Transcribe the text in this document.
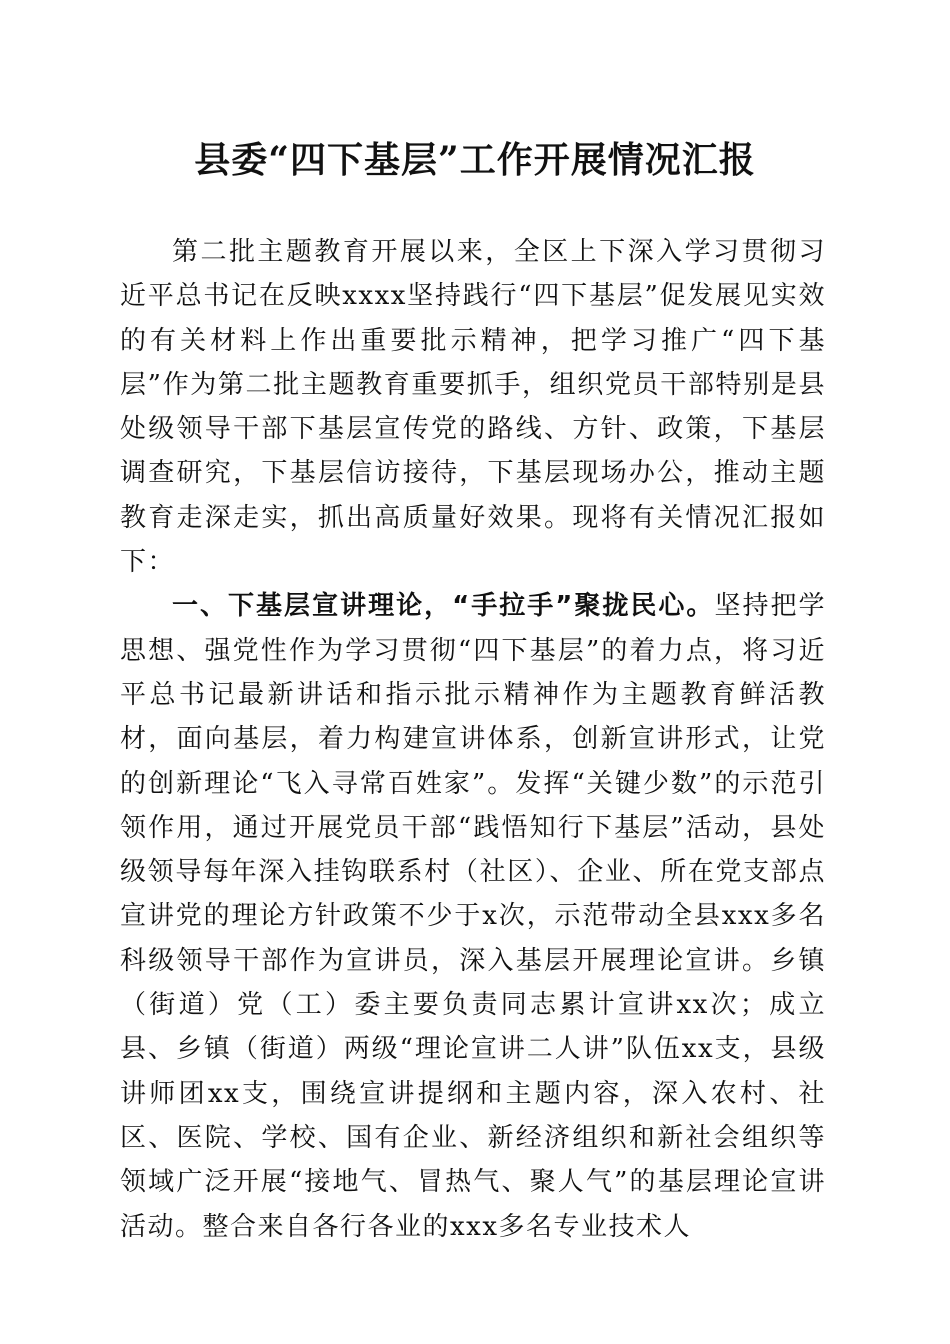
县委“四下基层”工作开展情况汇报

第二批主题教育开展以来，全区上下深入学习贯彻习近平总书记在反映xxxx坚持践行“四下基层”促发展见实效的有关材料上作出重要批示精神，把学习推广“四下基层”作为第二批主题教育重要抓手，组织党员干部特别是县处级领导干部下基层宣传党的路线、方针、政策，下基层调查研究，下基层信访接待，下基层现场办公，推动主题教育走深走实，抓出高质量好效果。现将有关情况汇报如下：

一、下基层宣讲理论，“手拉手”聚拢民心。坚持把学思想、强党性作为学习贯彻“四下基层”的着力点，将习近平总书记最新讲话和指示批示精神作为主题教育鲜活教材，面向基层，着力构建宣讲体系，创新宣讲形式，让党的创新理论“飞入寻常百姓家”。发挥“关键少数”的示范引领作用，通过开展党员干部“践悟知行下基层”活动，县处级领导每年深入挂钩联系村（社区）、企业、所在党支部点宣讲党的理论方针政策不少于x次，示范带动全县xxx多名科级领导干部作为宣讲员，深入基层开展理论宣讲。乡镇（街道）党（工）委主要负责同志累计宣讲xx次；成立县、乡镇（街道）两级“理论宣讲二人讲”队伍xx支，县级讲师团xx支，围绕宣讲提纲和主题内容，深入农村、社区、医院、学校、国有企业、新经济组织和新社会组织等领域广泛开展“接地气、冒热气、聚人气”的基层理论宣讲活动。整合来自各行各业的xxx多名专业技术人
